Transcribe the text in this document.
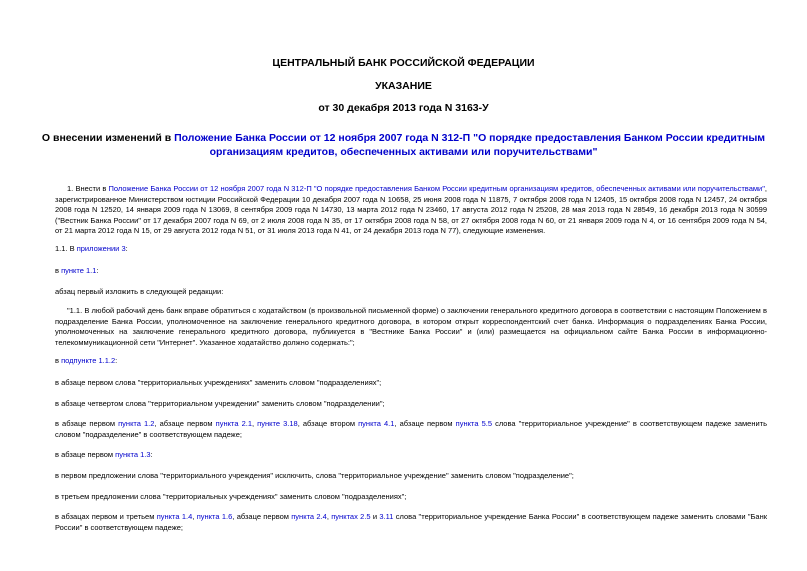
ЦЕНТРАЛЬНЫЙ БАНК РОССИЙСКОЙ ФЕДЕРАЦИИ
УКАЗАНИЕ
от 30 декабря 2013 года N 3163-У
О внесении изменений в Положение Банка России от 12 ноября 2007 года N 312-П "О порядке предоставления Банком России кредитным организациям кредитов, обеспеченных активами или поручительствами"
1. Внести в Положение Банка России от 12 ноября 2007 года N 312-П "О порядке предоставления Банком России кредитным организациям кредитов, обеспеченных активами или поручительствами", зарегистрированное Министерством юстиции Российской Федерации 10 декабря 2007 года N 10658, 25 июня 2008 года N 11875, 7 октября 2008 года N 12405, 15 октября 2008 года N 12457, 24 октября 2008 года N 12520, 14 января 2009 года N 13069, 8 сентября 2009 года N 14730, 13 марта 2012 года N 23460, 17 августа 2012 года N 25208, 28 мая 2013 года N 28549, 16 декабря 2013 года N 30599 ("Вестник Банка России" от 17 декабря 2007 года N 69, от 2 июля 2008 года N 35, от 17 октября 2008 года N 58, от 27 октября 2008 года N 60, от 21 января 2009 года N 4, от 16 сентября 2009 года N 54, от 21 марта 2012 года N 15, от 29 августа 2012 года N 51, от 31 июля 2013 года N 41, от 24 декабря 2013 года N 77), следующие изменения.
1.1. В приложении 3:
в пункте 1.1:
абзац первый изложить в следующей редакции:
"1.1. В любой рабочий день банк вправе обратиться с ходатайством (в произвольной письменной форме) о заключении генерального кредитного договора в соответствии с настоящим Положением в подразделение Банка России, уполномоченное на заключение генерального кредитного договора, в котором открыт корреспондентский счет банка. Информация о подразделениях Банка России, уполномоченных на заключение генерального кредитного договора, публикуется в "Вестнике Банка России" и (или) размещается на официальном сайте Банка России в информационно-телекоммуникационной сети "Интернет". Указанное ходатайство должно содержать:";
в подпункте 1.1.2:
в абзаце первом слова "территориальных учреждениях" заменить словом "подразделениях";
в абзаце четвертом слова "территориальном учреждении" заменить словом "подразделении";
в абзаце первом пункта 1.2, абзаце первом пункта 2.1, пункте 3.18, абзаце втором пункта 4.1, абзаце первом пункта 5.5 слова "территориальное учреждение" в соответствующем падеже заменить словом "подразделение" в соответствующем падеже;
в абзаце первом пункта 1.3:
в первом предложении слова "территориального учреждения" исключить, слова "территориальное учреждение" заменить словом "подразделение";
в третьем предложении слова "территориальных учреждениях" заменить словом "подразделениях";
в абзацах первом и третьем пункта 1.4, пункта 1.6, абзаце первом пункта 2.4, пунктах 2.5 и 3.11 слова "территориальное учреждение Банка России" в соответствующем падеже заменить словами "Банк России" в соответствующем падеже;
